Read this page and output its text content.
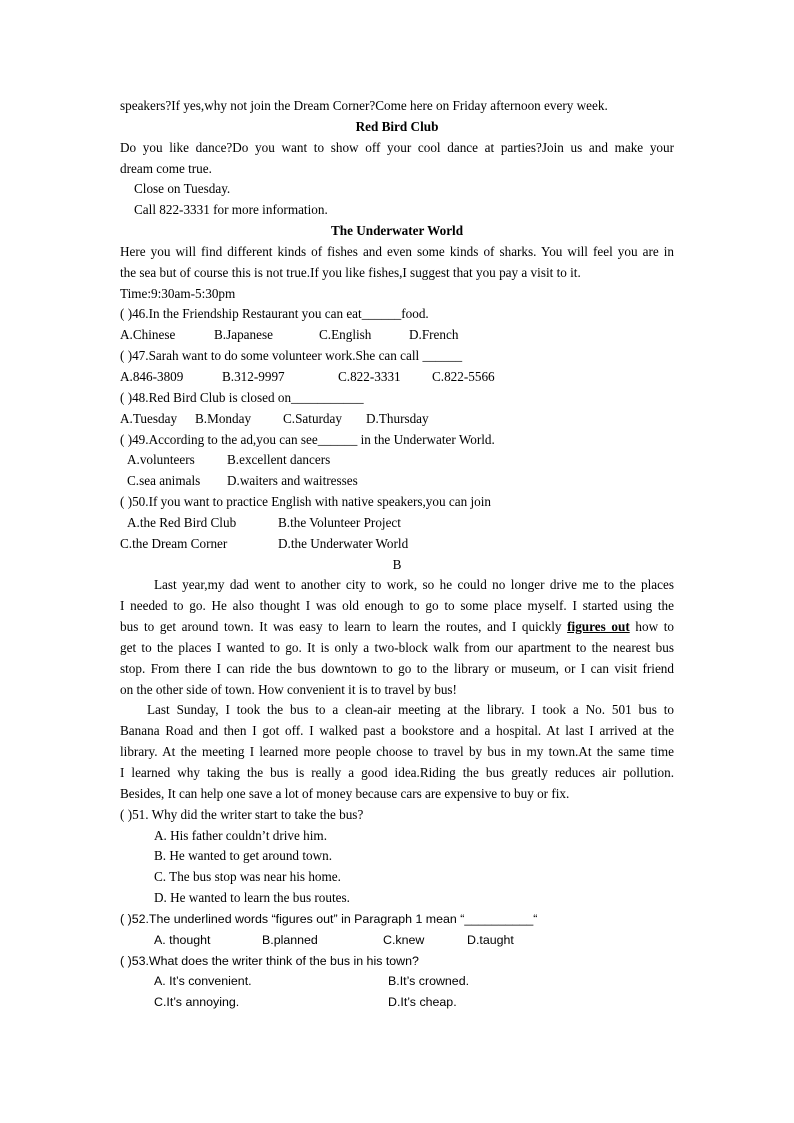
speakers?If yes,why not join the Dream Corner?Come here on Friday afternoon every week.
Red Bird Club
Do you like dance?Do you want to show off your cool dance at parties?Join us and make your
dream come true.
Close on Tuesday.
Call 822-3331 for more information.
The Underwater World
Here you will find different kinds of fishes and even some kinds of sharks. You will feel you are in
the sea but of course this is not true.If you like fishes,I suggest that you pay a visit to it.
Time:9:30am-5:30pm
( )46.In the Friendship Restaurant you can eat______food.
A.Chinese	B.Japanese	C.English	D.French
( )47.Sarah want to do some volunteer work.She can call ______
A.846-3809	B.312-9997	C.822-3331 C.822-5566
( )48.Red Bird Club is closed on___________
A.Tuesday B.Monday C.Saturday D.Thursday
( )49.According to the ad,you can see______ in the Underwater World.
A.volunteers B.excellent dancers
C.sea animals D.waiters and waitresses
( )50.If you want to practice English with native speakers,you can join
A.the Red Bird Club	B.the Volunteer Project
C.the Dream Corner	D.the Underwater World
B
Last year,my dad went to another city to work, so he could no longer drive me to the places
I needed to go. He also thought I was old enough to go to some place myself. I started using the
bus to get around town. It was easy to learn to learn the routes, and I quickly figures out how to
get to the places I wanted to go. It is only a two-block walk from our apartment to the nearest bus
stop. From there I can ride the bus downtown to go to the library or museum, or I can visit friend
on the other side of town. How convenient it is to travel by bus!
Last Sunday, I took the bus to a clean-air meeting at the library. I took a No. 501 bus to
Banana Road and then I got off. I walked past a bookstore and a hospital. At last I arrived at the
library. At the meeting I learned more people choose to travel by bus in my town.At the same time
I learned why taking the bus is really a good idea.Riding the bus greatly reduces air pollution.
Besides, It can help one save a lot of money because cars are expensive to buy or fix.
( )51. Why did the writer start to take the bus?
A. His father couldn’t drive him.
B. He wanted to get around town.
C. The bus stop was near his home.
D. He wanted to learn the bus routes.
( )52.The underlined words “figures out” in Paragraph 1 mean “__________“
A. thought	B.planned	C.knew	D.taught
( )53.What does the writer think of the bus in his town?
A. It’s convenient.	B.It’s crowned.
C.It’s annoying.	D.It’s cheap.
